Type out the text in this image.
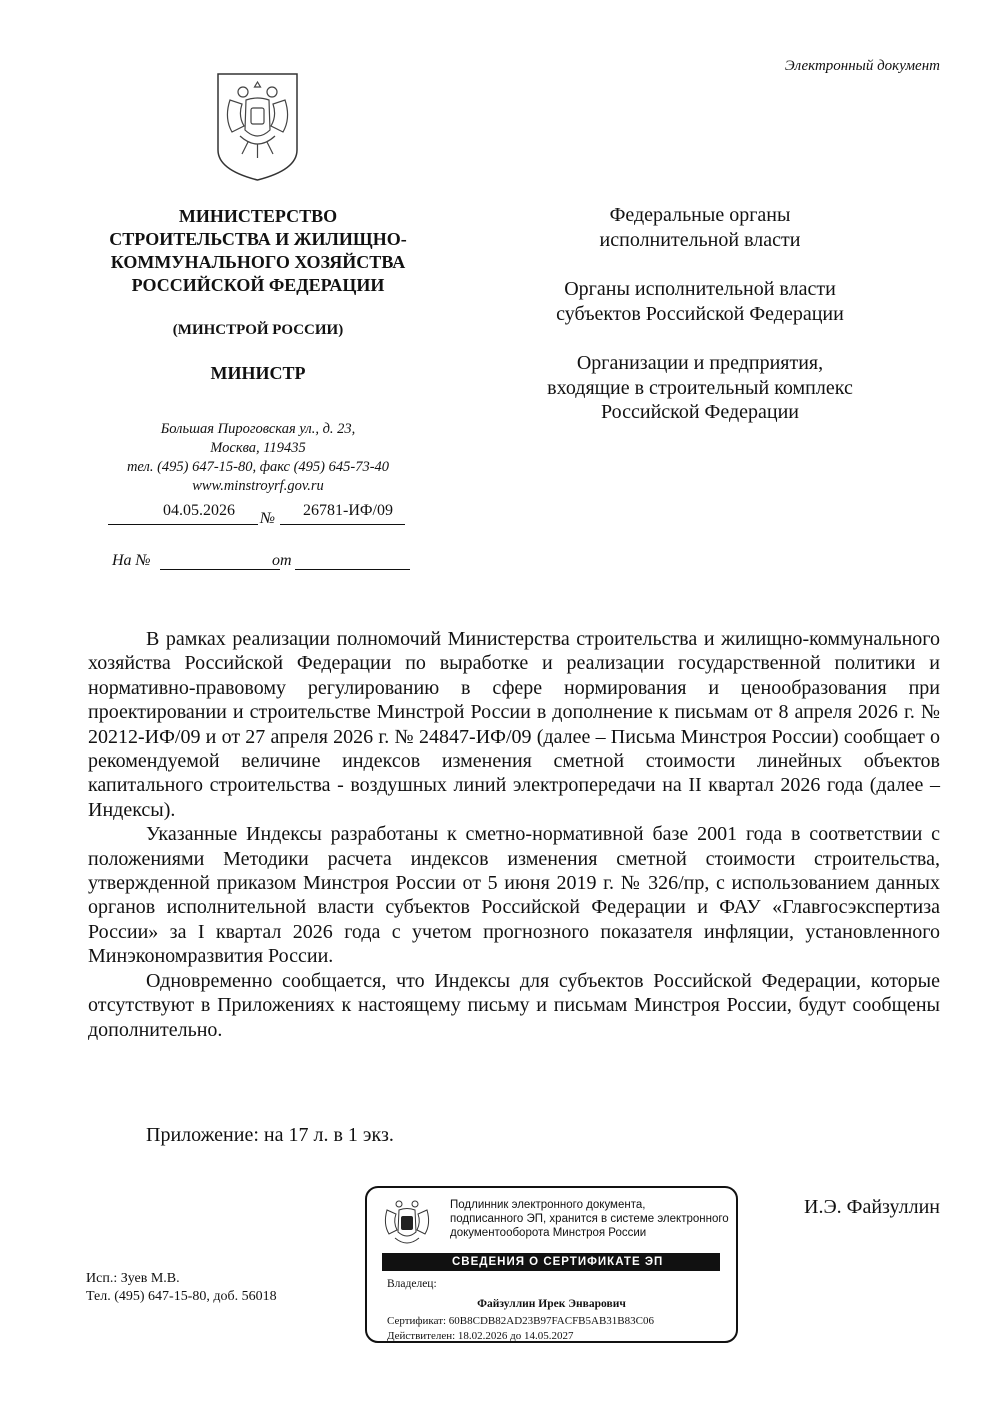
Электронный документ
МИНИСТЕРСТВО
СТРОИТЕЛЬСТВА И ЖИЛИЩНО-
КОММУНАЛЬНОГО ХОЗЯЙСТВА
РОССИЙСКОЙ ФЕДЕРАЦИИ
(МИНСТРОЙ РОССИИ)
МИНИСТР
Большая Пироговская ул., д. 23,
Москва, 119435
тел. (495) 647-15-80, факс (495) 645-73-40
www.minstroyrf.gov.ru
04.05.2026 № 26781-ИФ/09
На №	от
Федеральные органы
исполнительной власти
Органы исполнительной власти
субъектов Российской Федерации
Организации и предприятия,
входящие в строительный комплекс
Российской Федерации

В рамках реализации полномочий Министерства строительства и жилищно-коммунального хозяйства Российской Федерации по выработке и реализации государственной политики и нормативно-правовому регулированию в сфере нормирования и ценообразования при проектировании и строительстве Минстрой России в дополнение к письмам от 8 апреля 2026 г. № 20212-ИФ/09 и от 27 апреля 2026 г. № 24847-ИФ/09 (далее – Письма Минстроя России) сообщает о рекомендуемой величине индексов изменения сметной стоимости линейных объектов капитального строительства - воздушных линий электропередачи на II квартал 2026 года (далее – Индексы).

Указанные Индексы разработаны к сметно-нормативной базе 2001 года в соответствии с положениями Методики расчета индексов изменения сметной стоимости строительства, утвержденной приказом Минстроя России от 5 июня 2019 г. № 326/пр, с использованием данных органов исполнительной власти субъектов Российской Федерации и ФАУ «Главгосэкспертиза России» за I квартал 2026 года с учетом прогнозного показателя инфляции, установленного Минэкономразвития России.

Одновременно сообщается, что Индексы для субъектов Российской Федерации, которые отсутствуют в Приложениях к настоящему письму и письмам Минстроя России, будут сообщены дополнительно.

Приложение: на 17 л. в 1 экз.
Подлинник электронного документа,
подписанного ЭП, хранится в системе электронного
документооборота Минстроя России
СВЕДЕНИЯ О СЕРТИФИКАТЕ ЭП
Владелец:
Файзуллин Ирек Энварович
Сертификат: 60B8CDB82AD23B97FACFB5AB31B83C06
Действителен: 18.02.2026 до 14.05.2027
И.Э. Файзуллин
Исп.: Зуев М.В.
Тел. (495) 647-15-80, доб. 56018
